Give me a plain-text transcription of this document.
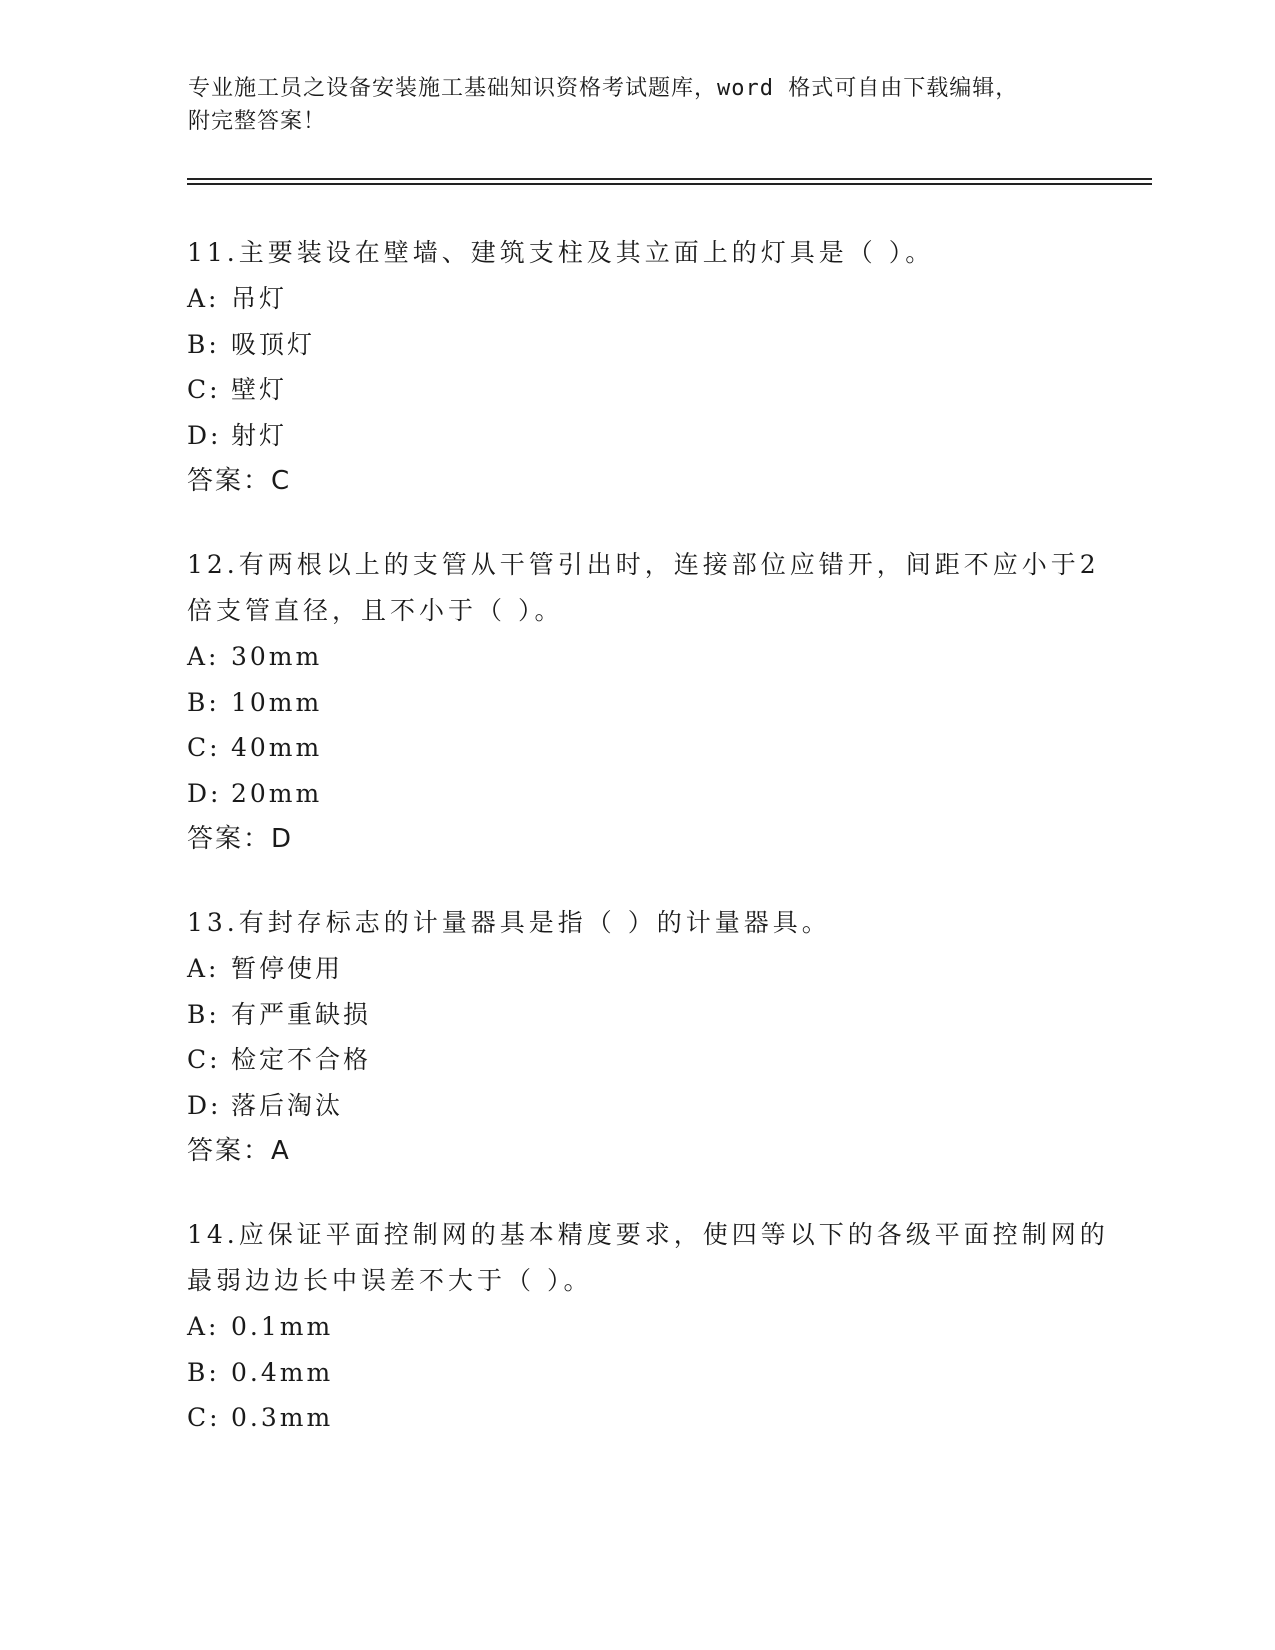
专业施工员之设备安装施工基础知识资格考试题库，word 格式可自由下载编辑，
附完整答案！

11.主要装设在壁墙、建筑支柱及其立面上的灯具是（ ）。

A: 吊灯

B: 吸顶灯

C: 壁灯

D: 射灯

答案：C

12.有两根以上的支管从干管引出时，连接部位应错开，间距不应小于2倍支管直径，且不小于（ ）。

A: 30mm

B: 10mm

C: 40mm

D: 20mm

答案：D

13.有封存标志的计量器具是指（ ）的计量器具。

A: 暂停使用

B: 有严重缺损

C: 检定不合格

D: 落后淘汰

答案：A

14.应保证平面控制网的基本精度要求，使四等以下的各级平面控制网的最弱边边长中误差不大于（ ）。

A: 0.1mm

B: 0.4mm

C: 0.3mm
